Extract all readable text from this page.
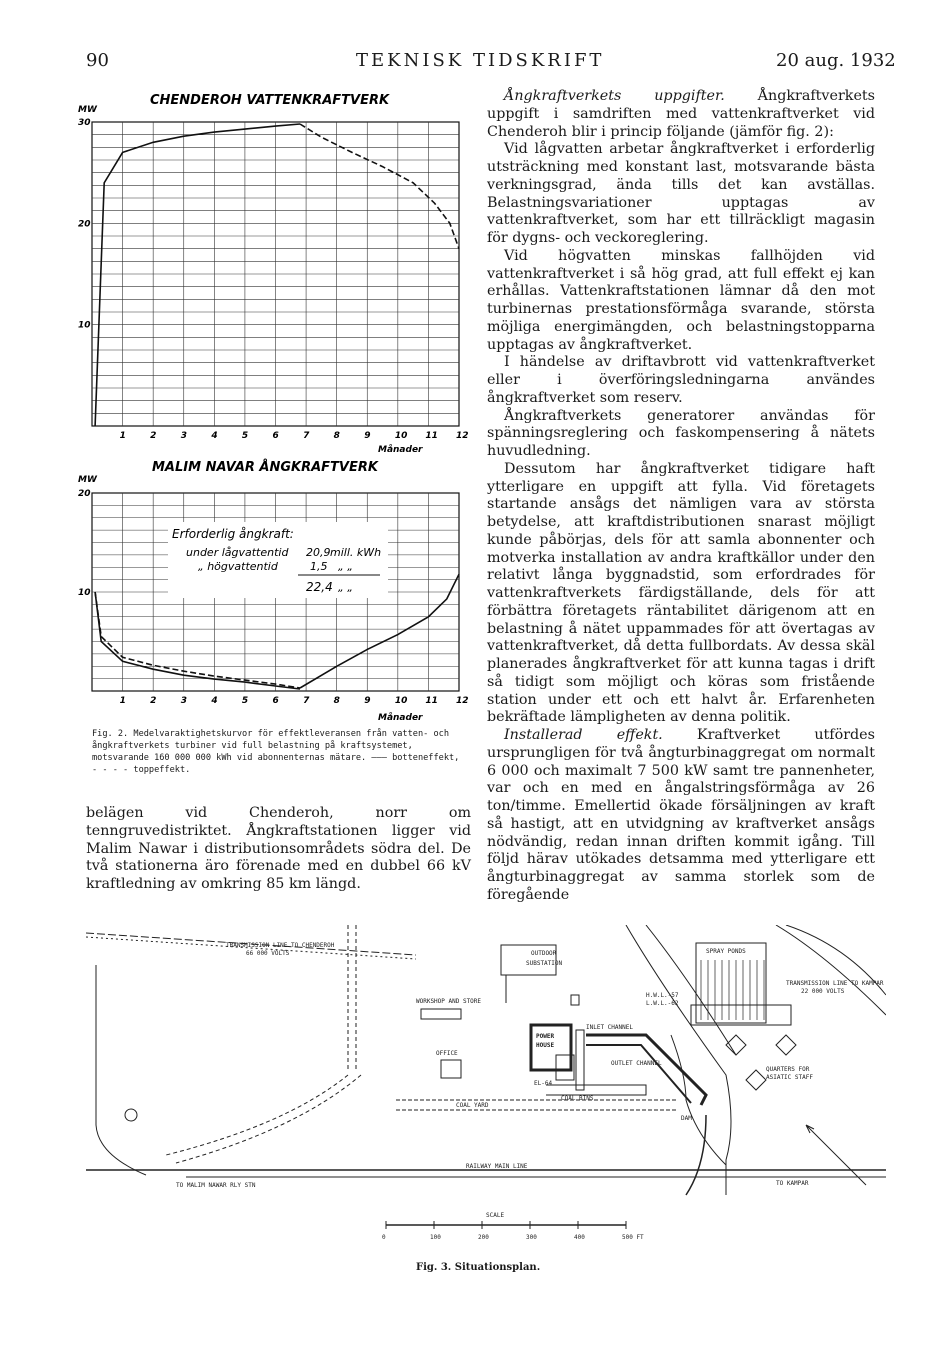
90	TEKNISK TIDSKRIFT	20 aug. 1932
CHENDEROH VATTENKRAFTVERK
MW
30
20
10
1	2	3	4	5	6	7	8	9	10 11 12
Månader
MALIM NAVAR ÅNGKRAFTVERK
MW
20
10
1	2	3	4	5	6	7	8	9	10 11 12
Månader
Erforderlig ångkraft:
under lågvattentid 20,9 mill. kWh
„ högvattentid	1,5 „ „
22,4 „ „
Fig. 2. Medelvaraktighetskurvor för effektleveransen från vatten- och ångkraftverkets turbiner vid full belastning på kraftsystemet, motsvarande 160 000 000 kWh vid abonnenternas mätare. ——— botteneffekt, - - - - toppeffekt.

Ångkraftverkets uppgifter. Ångkraftverkets uppgift i samdriften med vattenkraftverket vid Chenderoh blir i princip följande (jämför fig. 2):

Vid lågvatten arbetar ångkraftverket i erforderlig utsträckning med konstant last, motsvarande bästa verkningsgrad, ända tills det kan avställas. Belastningsvariationer upptagas av vattenkraftverket, som har ett tillräckligt magasin för dygns- och veckoreglering.

Vid högvatten minskas fallhöjden vid vattenkraftverket i så hög grad, att full effekt ej kan erhållas. Vattenkraftstationen lämnar då den mot turbinernas prestationsförmåga svarande, största möjliga energimängden, och belastningstopparna upptagas av ångkraftverket.

I händelse av driftavbrott vid vattenkraftverket eller i överföringsledningarna användes ångkraftverket som reserv.

Ångkraftverkets generatorer användas för spänningsreglering och faskompensering å nätets huvudledning.

Dessutom har ångkraftverket tidigare haft ytterligare en uppgift att fylla. Vid företagets startande ansågs det nämligen vara av största betydelse, att kraftdistributionen snarast möjligt kunde påbörjas, dels för att samla abonnenter och motverka installation av andra kraftkällor under den relativt långa byggnadstid, som erfordrades för vattenkraftverkets färdigställande, dels för att förbättra företagets räntabilitet därigenom att en belastning å nätet uppammades för att övertagas av vattenkraftverket, då detta fullbordats. Av dessa skäl planerades ångkraftverket för att kunna tagas i drift så tidigt som möjligt och köras som fristående station under ett och ett halvt år. Erfarenheten bekräftade lämpligheten av denna politik.

Installerad effekt. Kraftverket utfördes ursprungligen för två ångturbinaggregat om normalt 6 000 och maximalt 7 500 kW samt tre pannenheter, var och en med en ångalstringsförmåga av 26 ton/timme. Emellertid ökade försäljningen av kraft så hastigt, att en utvidgning av kraftverket ansågs nödvändig, redan innan driften kommit igång. Till följd härav utökades detsamma med ytterligare ett ångturbinaggregat av samma storlek som de föregående

belägen vid Chenderoh, norr om tenngruvedistriktet. Ångkraftstationen ligger vid Malim Nawar i distributionsområdets södra del. De två stationerna äro förenade med en dubbel 66 kV kraftledning av omkring 85 km längd.

TRANSMISSION LINE TO CHENDEROH
66 000 VOLTS	OUTDOOR
SUBSTATION
WORKSHOP AND STORE
OFFICE
POWER
HOUSE
EL-64
INLET CHANNEL
OUTLET CHANNEL
COAL BINS
COAL YARD
SPRAY PONDS
TRANSMISSION LINE TO KAMPAR
22 000 VOLTS
H.W.L.-57
L.W.L.-62
QUARTERS FOR
ASIATIC STAFF
DAM
RAILWAY MAIN LINE
TO KAMPAR
TO MALIM NAWAR RLY STN
SCALE
0	100	200	300	400	500 FT
Fig. 3. Situationsplan.
